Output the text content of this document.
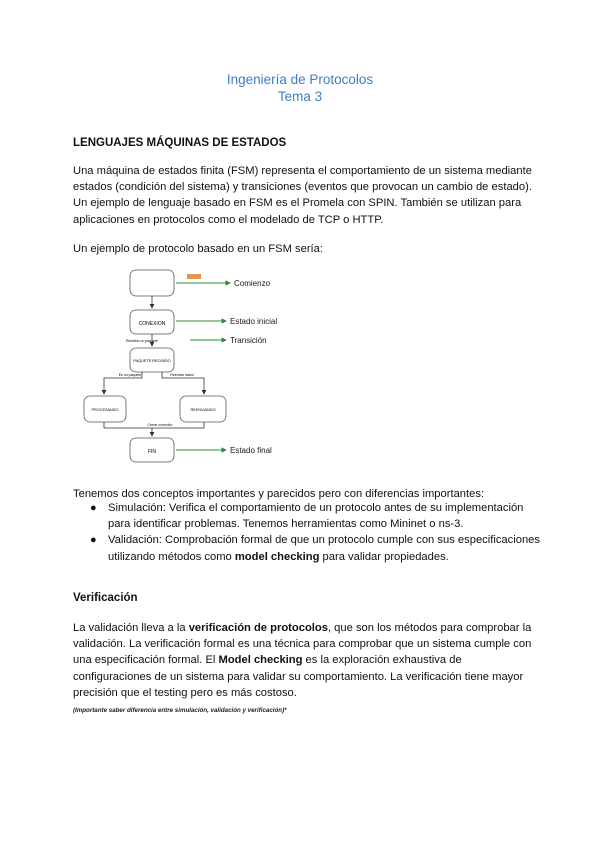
Ingeniería de Protocolos
Tema 3
LENGUAJES MÁQUINAS DE ESTADOS

Una máquina de estados finita (FSM) representa el comportamiento de un sistema mediante estados (condición del sistema) y transiciones (eventos que provocan un cambio de estado). Un ejemplo de lenguaje basado en FSM es el Promela con SPIN. También se utilizan para aplicaciones en protocolos como el modelado de TCP o HTTP.

Un ejemplo de protocolo basado en un FSM sería:

CONEXION
Recibido un paquete
PAQUETE RECIBIDO
Es un paquete	Reenviar datos
PROCESANDO	REENVIANDO
Cerrar conexión
FIN
Comienzo
Estado inicial
Transición
Estado final

Tenemos dos conceptos importantes y parecidos pero con diferencias importantes:

● Simulación: Verifica el comportamiento de un protocolo antes de su implementación para identificar problemas. Tenemos herramientas como Mininet o ns-3.
● Validación: Comprobación formal de que un protocolo cumple con sus especificaciones utilizando métodos como model checking para validar propiedades.
Verificación

La validación lleva a la verificación de protocolos, que son los métodos para comprobar la validación. La verificación formal es una técnica para comprobar que un sistema cumple con una especificación formal. El Model checking es la exploración exhaustiva de configuraciones de un sistema para validar su comportamiento. La verificación tiene mayor precisión que el testing pero es más costoso.

(Importante saber diferencia entre simulación, validación y verificación)*
